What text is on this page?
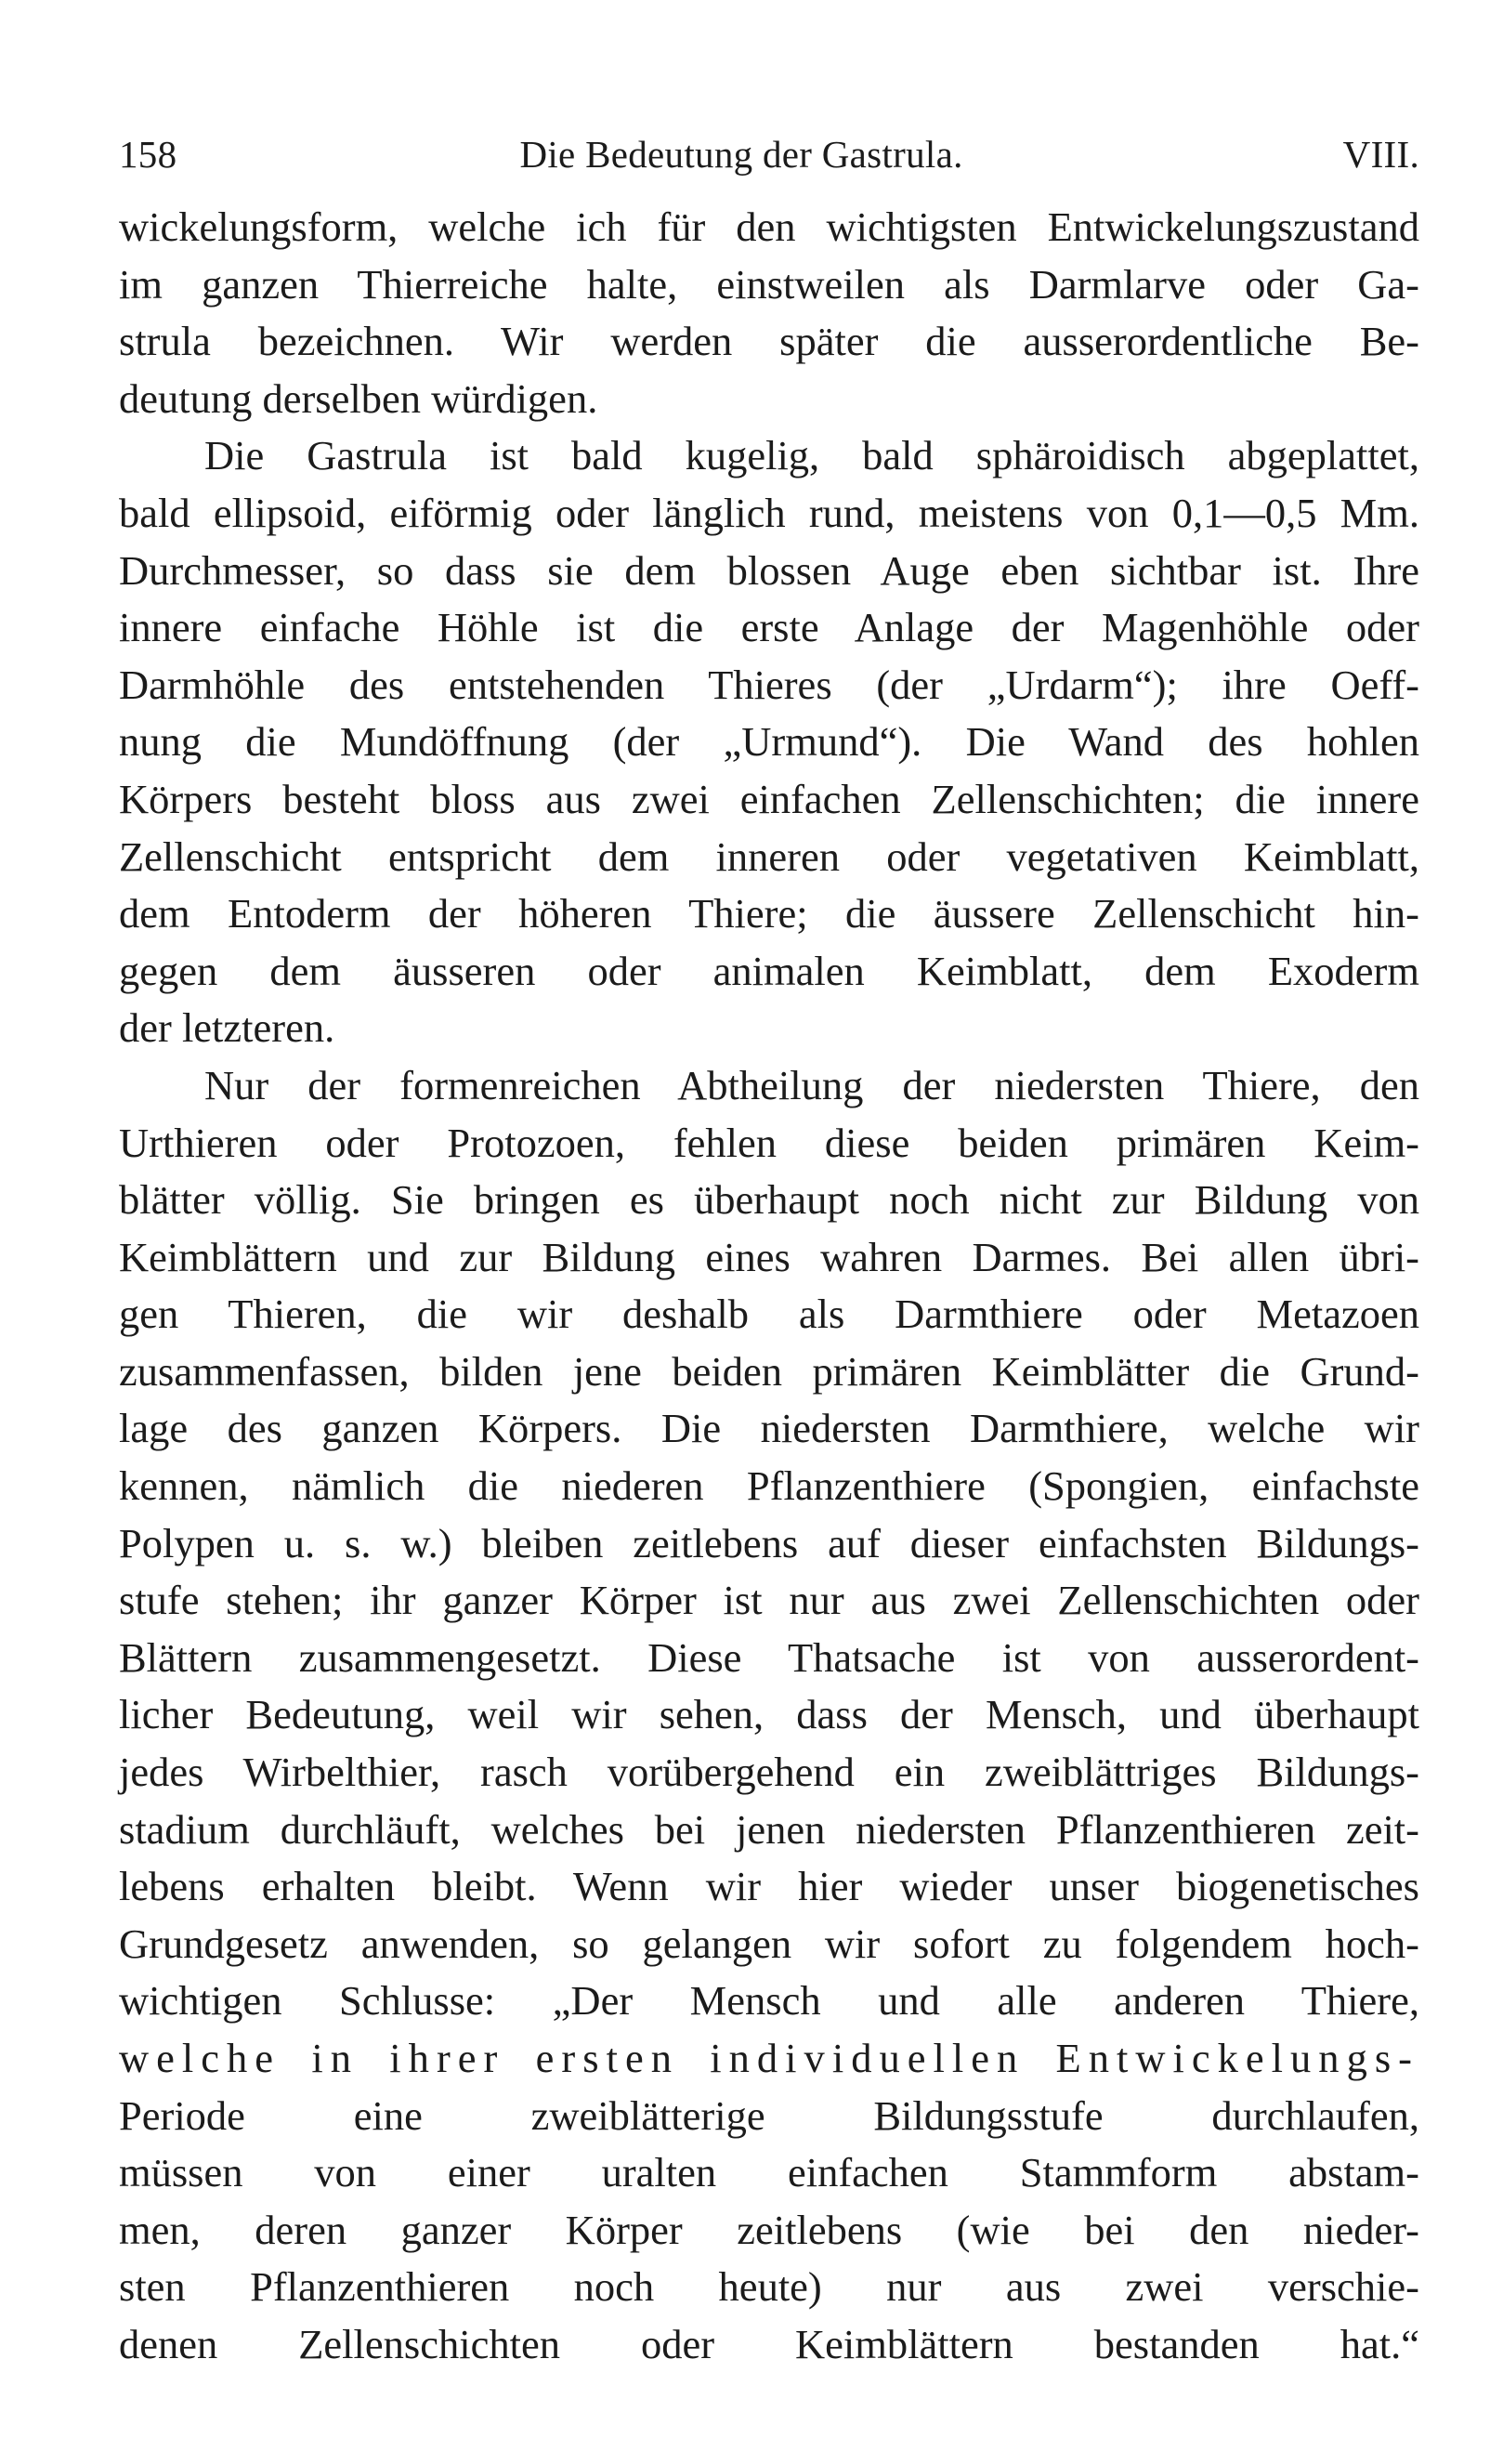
158	Die Bedeutung der Gastrula.	VIII.
wickelungsform, welche ich für den wichtigsten Entwickelungszustand
im ganzen Thierreiche halte, einstweilen als Darmlarve oder Ga-
strula bezeichnen. Wir werden später die ausserordentliche Be-
deutung derselben würdigen.
Die Gastrula ist bald kugelig, bald sphäroidisch abgeplattet,
bald ellipsoid, eiförmig oder länglich rund, meistens von 0,1—0,5 Mm.
Durchmesser, so dass sie dem blossen Auge eben sichtbar ist. Ihre
innere einfache Höhle ist die erste Anlage der Magenhöhle oder
Darmhöhle des entstehenden Thieres (der „Urdarm“); ihre Oeff-
nung die Mundöffnung (der „Urmund“). Die Wand des hohlen
Körpers besteht bloss aus zwei einfachen Zellenschichten; die innere
Zellenschicht entspricht dem inneren oder vegetativen Keimblatt,
dem Entoderm der höheren Thiere; die äussere Zellenschicht hin-
gegen dem äusseren oder animalen Keimblatt, dem Exoderm
der letzteren.
Nur der formenreichen Abtheilung der niedersten Thiere, den
Urthieren oder Protozoen, fehlen diese beiden primären Keim-
blätter völlig. Sie bringen es überhaupt noch nicht zur Bildung von
Keimblättern und zur Bildung eines wahren Darmes. Bei allen übri-
gen Thieren, die wir deshalb als Darmthiere oder Metazoen
zusammenfassen, bilden jene beiden primären Keimblätter die Grund-
lage des ganzen Körpers. Die niedersten Darmthiere, welche wir
kennen, nämlich die niederen Pflanzenthiere (Spongien, einfachste
Polypen u. s. w.) bleiben zeitlebens auf dieser einfachsten Bildungs-
stufe stehen; ihr ganzer Körper ist nur aus zwei Zellenschichten oder
Blättern zusammengesetzt. Diese Thatsache ist von ausserordent-
licher Bedeutung, weil wir sehen, dass der Mensch, und überhaupt
jedes Wirbelthier, rasch vorübergehend ein zweiblättriges Bildungs-
stadium durchläuft, welches bei jenen niedersten Pflanzenthieren zeit-
lebens erhalten bleibt. Wenn wir hier wieder unser biogenetisches
Grundgesetz anwenden, so gelangen wir sofort zu folgendem hoch-
wichtigen Schlusse: „Der Mensch und alle anderen Thiere,
welche in ihrer ersten individuellen Entwickelungs-
Periode eine zweiblätterige Bildungsstufe durchlaufen,
müssen von einer uralten einfachen Stammform abstam-
men, deren ganzer Körper zeitlebens (wie bei den nieder-
sten Pflanzenthieren noch heute) nur aus zwei verschie-
denen Zellenschichten oder Keimblättern bestanden hat.“
